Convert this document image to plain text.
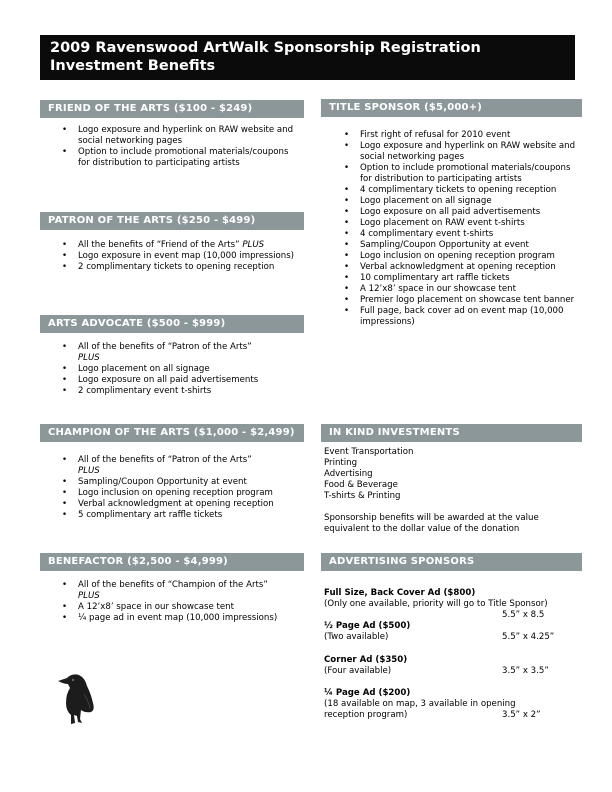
2009 Ravenswood ArtWalk Sponsorship Registration
Investment Benefits
FRIEND OF THE ARTS ($100 - $249)
• Logo exposure and hyperlink on RAW website and social networking pages
• Option to include promotional materials/coupons for distribution to participating artists
PATRON OF THE ARTS ($250 - $499)
• All the benefits of “Friend of the Arts” PLUS
• Logo exposure in event map (10,000 impressions)
• 2 complimentary tickets to opening reception
ARTS ADVOCATE ($500 - $999)
• All of the benefits of “Patron of the Arts”
PLUS
• Logo placement on all signage
• Logo exposure on all paid advertisements
• 2 complimentary event t-shirts
CHAMPION OF THE ARTS ($1,000 - $2,499)
• All of the benefits of “Patron of the Arts”
PLUS
• Sampling/Coupon Opportunity at event
• Logo inclusion on opening reception program
• Verbal acknowledgment at opening reception
• 5 complimentary art raffle tickets
BENEFACTOR ($2,500 - $4,999)
• All of the benefits of “Champion of the Arts”
PLUS
• A 12’x8’ space in our showcase tent
• ¼ page ad in event map (10,000 impressions)
TITLE SPONSOR ($5,000+)
• First right of refusal for 2010 event
• Logo exposure and hyperlink on RAW website and social networking pages
• Option to include promotional materials/coupons for distribution to participating artists
• 4 complimentary tickets to opening reception
• Logo placement on all signage
• Logo exposure on all paid advertisements
• Logo placement on RAW event t-shirts
• 4 complimentary event t-shirts
• Sampling/Coupon Opportunity at event
• Logo inclusion on opening reception program
• Verbal acknowledgment at opening reception
• 10 complimentary art raffle tickets
• A 12’x8’ space in our showcase tent
• Premier logo placement on showcase tent banner
• Full page, back cover ad on event map (10,000 impressions)
IN KIND INVESTMENTS
Event Transportation
Printing
Advertising
Food & Beverage
T-shirts & Printing
Sponsorship benefits will be awarded at the value
equivalent to the dollar value of the donation
ADVERTISING SPONSORS
Full Size, Back Cover Ad ($800)
(Only one available, priority will go to Title Sponsor)
5.5” x 8.5
½ Page Ad ($500)
(Two available)	5.5” x 4.25”
Corner Ad ($350)
(Four available)	3.5” x 3.5”
¼ Page Ad ($200)
(18 available on map, 3 available in opening
reception program)	3.5” x 2”
